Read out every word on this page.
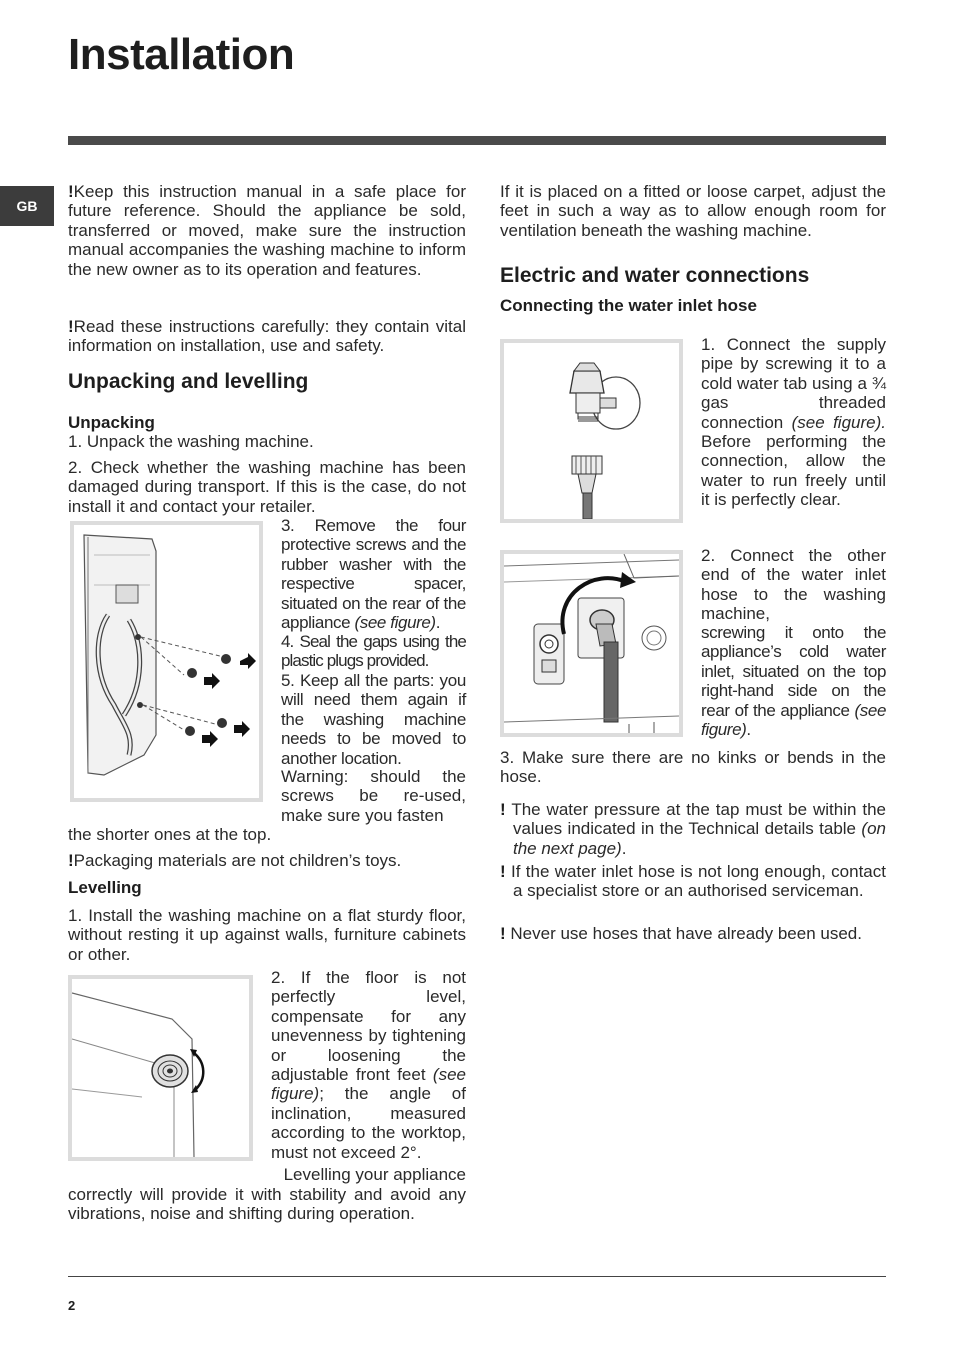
Installation
GB

!Keep this instruction manual in a safe place for future reference. Should the appliance be sold, transferred or moved, make sure the instruction manual accompanies the washing machine to inform the new owner as to its operation and features.

!Read these instructions carefully: they contain vital information on installation, use and safety.

Unpacking and levelling
Unpacking

1. Unpack the washing machine.

2. Check whether the washing machine has been damaged during transport. If this is the case, do not install it and contact your retailer.

3. Remove the four protective screws and the rubber washer with the respective spacer, situated on the rear of the appliance (see figure).

4. Seal the gaps using the plastic plugs provided.

5. Keep all the parts: you will need them again if the washing machine needs to be moved to another location.

Warning: should the screws be re-used, make sure you fasten

the shorter ones at the top.

!Packaging materials are not children’s toys.

Levelling

1. Install the washing machine on a flat sturdy floor, without resting it up against walls, furniture cabinets or other.

2. If the floor is not perfectly level, compensate for any unevenness by tightening or loosening the adjustable front feet (see figure); the angle of inclination, measured according to the worktop, must not exceed 2°.

Levelling your appliance

correctly will provide it with stability and avoid any vibrations, noise and shifting during operation.

If it is placed on a fitted or loose carpet, adjust the feet in such a way as to allow enough room for ventilation beneath the washing machine.

Electric and water connections
Connecting the water inlet hose

1. Connect the supply pipe by screwing it to a cold water tab using a ¾ gas threaded connection (see figure). Before performing the connection, allow the water to run freely until it is perfectly clear.

2. Connect the other end of the water inlet hose to the washing machine,

screwing it onto the appliance’s cold water inlet, situated on the top right-hand side on the rear of the appliance (see figure).

3. Make sure there are no kinks or bends in the hose.

! The water pressure at the tap must be within the values indicated in the Technical details table (on the next page).

! If the water inlet hose is not long enough, contact a specialist store or an authorised serviceman.

! Never use hoses that have already been used.

2
